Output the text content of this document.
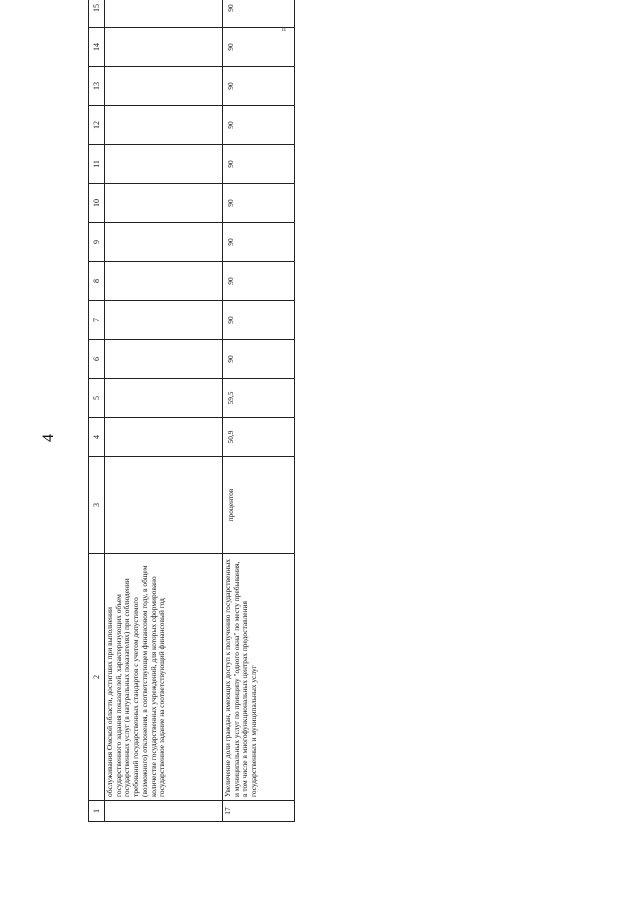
4
1	2	3	4	5	6	7	8	9	10	11	12	13	14	15		

	обслуживания Омской области, достигших при выполнении государственного задания показателей, характеризующих объем государственных услуг (в натуральных показателях) при соблюдении требований государственных стандартов с учетом допустимого (возможного) отклонения, в соответствующем финансовом году, в общем количестве государственных учреждений, для которых сформировано государственное задание на соответствующий финансовый год															

17	Увеличение доли граждан, имеющих доступ к получению государственных и муниципальных услуг по принципу "одного окна" по месту пребывания, в том числе в многофункциональных центрах предоставления государственных и муниципальных услуг	процентов	50,9	59,5	90	90	90	90	90	90	90	90	90	90		
п
